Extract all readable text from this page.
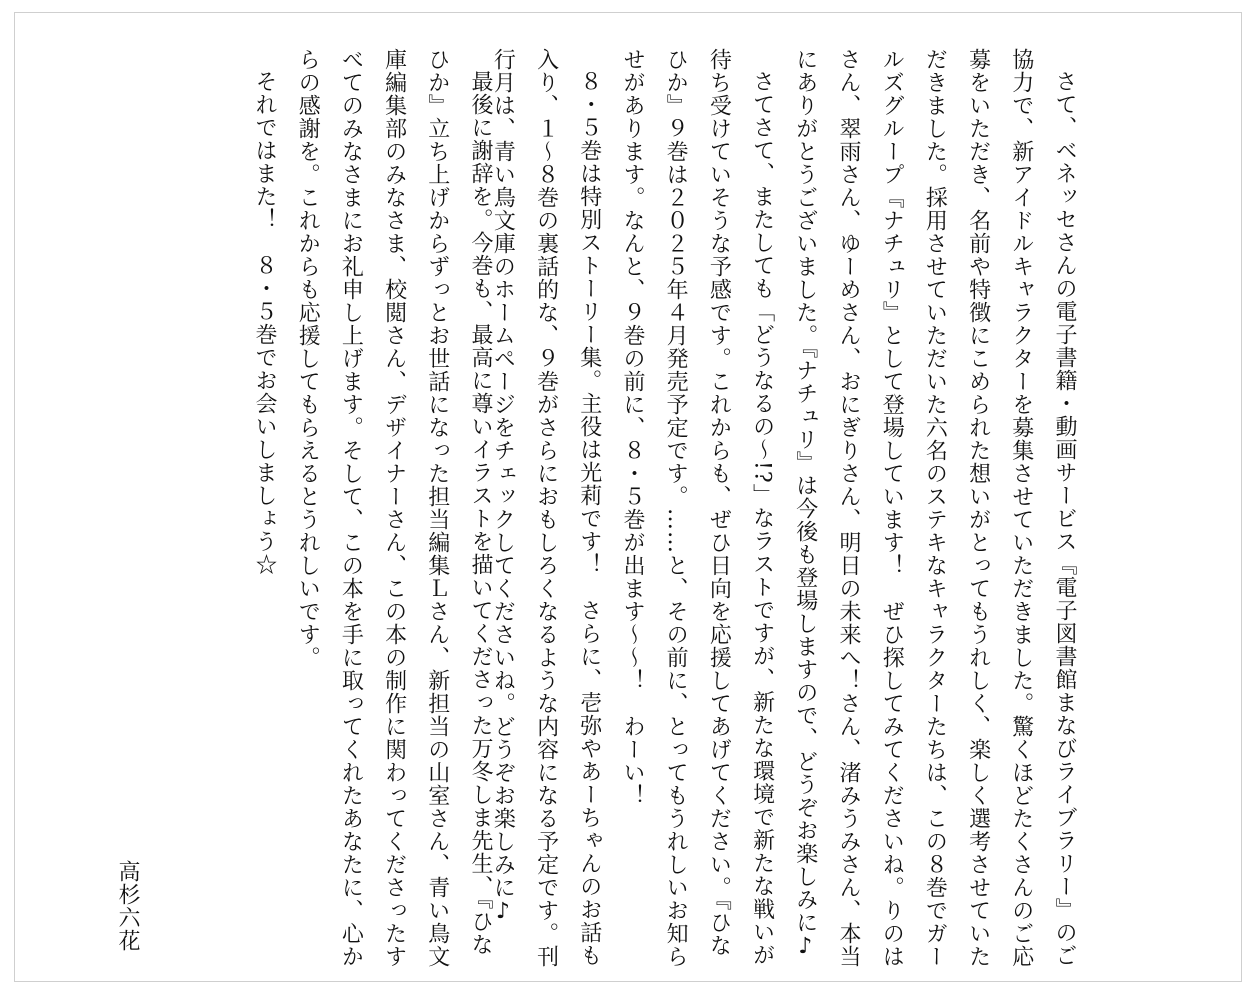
さて、ベネッセさんの電子書籍・動画サービス『電子図書館まなびライブラリー』のご協力で、新アイドルキャラクターを募集させていただきました。驚くほどたくさんのご応募をいただき、名前や特徴にこめられた想いがとってもうれしく、楽しく選考させていただきました。採用させていただいた六名のステキなキャラクターたちは、この８巻でガールズグループ『ナチュリ』として登場しています！　ぜひ探してみてくださいね。りのはさん、翠雨さん、ゆーめさん、おにぎりさん、明日の未来へ！さん、渚みうみさん、本当にありがとうございました。『ナチュリ』は今後も登場しますので、どうぞお楽しみに♪

さてさて、またしても「どうなるの〜!?」なラストですが、新たな環境で新たな戦いが待ち受けていそうな予感です。これからも、ぜひ日向を応援してあげてください。『ひなひか』９巻は２０２５年４月発売予定です。……と、その前に、とってもうれしいお知らせがあります。なんと、９巻の前に、８・５巻が出ます〜〜！　わーい！

８・５巻は特別ストーリー集。主役は光莉です！　さらに、壱弥やあーちゃんのお話も入り、１〜８巻の裏話的な、９巻がさらにおもしろくなるような内容になる予定です。刊行月は、青い鳥文庫のホームページをチェックしてくださいね。どうぞお楽しみに♪

最後に謝辞を。今巻も、最高に尊いイラストを描いてくださった万冬しま先生、『ひなひか』立ち上げからずっとお世話になった担当編集Ｌさん、新担当の山室さん、青い鳥文庫編集部のみなさま、校閲さん、デザイナーさん、この本の制作に関わってくださったすべてのみなさまにお礼申し上げます。そして、この本を手に取ってくれたあなたに、心からの感謝を。これからも応援してもらえるとうれしいです。

それではまた！　８・５巻でお会いしましょう☆

高杉六花
